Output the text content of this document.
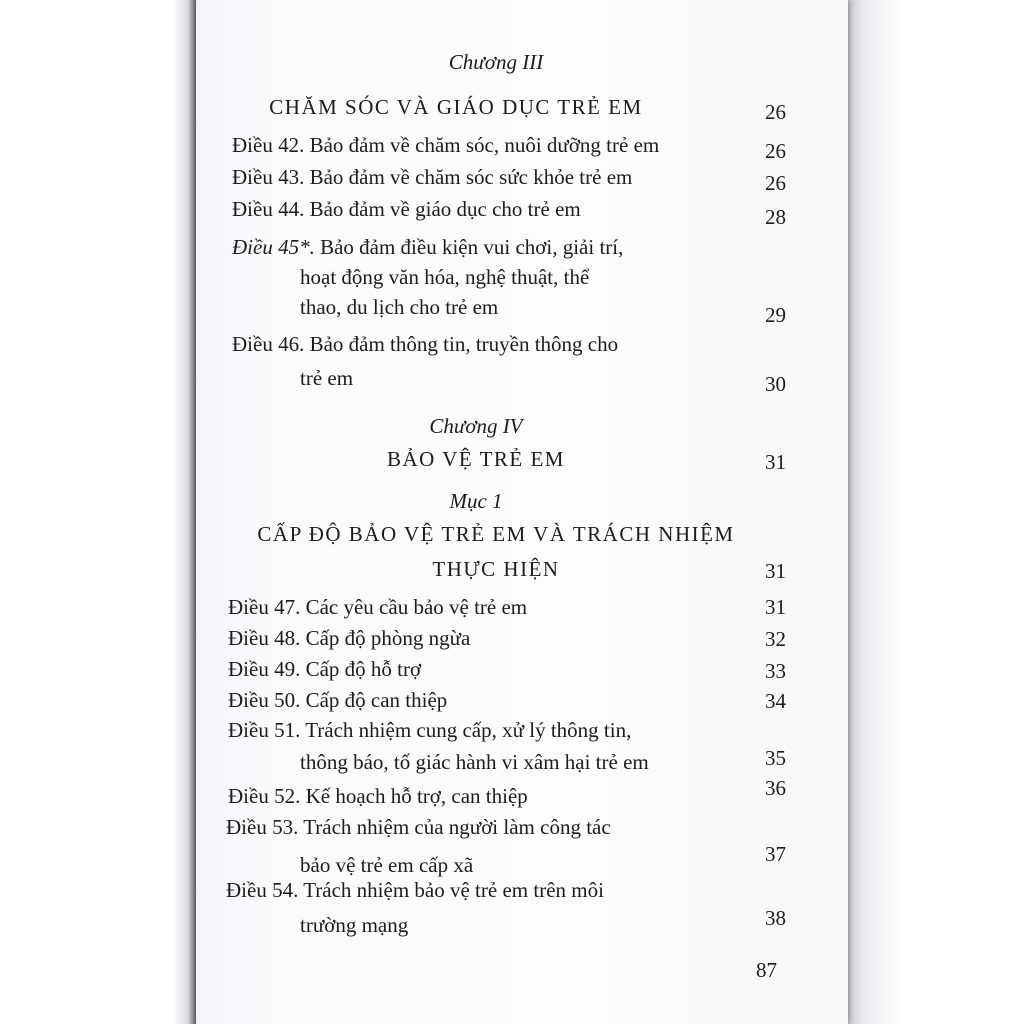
Chương III
CHĂM SÓC VÀ GIÁO DỤC TRẺ EM	26
Điều 42. Bảo đảm về chăm sóc, nuôi dưỡng trẻ em	26
Điều 43. Bảo đảm về chăm sóc sức khỏe trẻ em	26
Điều 44. Bảo đảm về giáo dục cho trẻ em	28
Điều 45*. Bảo đảm điều kiện vui chơi, giải trí,
hoạt động văn hóa, nghệ thuật, thể
thao, du lịch cho trẻ em	29
Điều 46. Bảo đảm thông tin, truyền thông cho
trẻ em	30
Chương IV
BẢO VỆ TRẺ EM	31
Mục 1
CẤP ĐỘ BẢO VỆ TRẺ EM VÀ TRÁCH NHIỆM
THỰC HIỆN	31
Điều 47. Các yêu cầu bảo vệ trẻ em	31
Điều 48. Cấp độ phòng ngừa	32
Điều 49. Cấp độ hỗ trợ	33
Điều 50. Cấp độ can thiệp	34
Điều 51. Trách nhiệm cung cấp, xử lý thông tin,
thông báo, tố giác hành vi xâm hại trẻ em	35
Điều 52. Kế hoạch hỗ trợ, can thiệp	36
Điều 53. Trách nhiệm của người làm công tác
bảo vệ trẻ em cấp xã	37
Điều 54. Trách nhiệm bảo vệ trẻ em trên môi
trường mạng	38
87
